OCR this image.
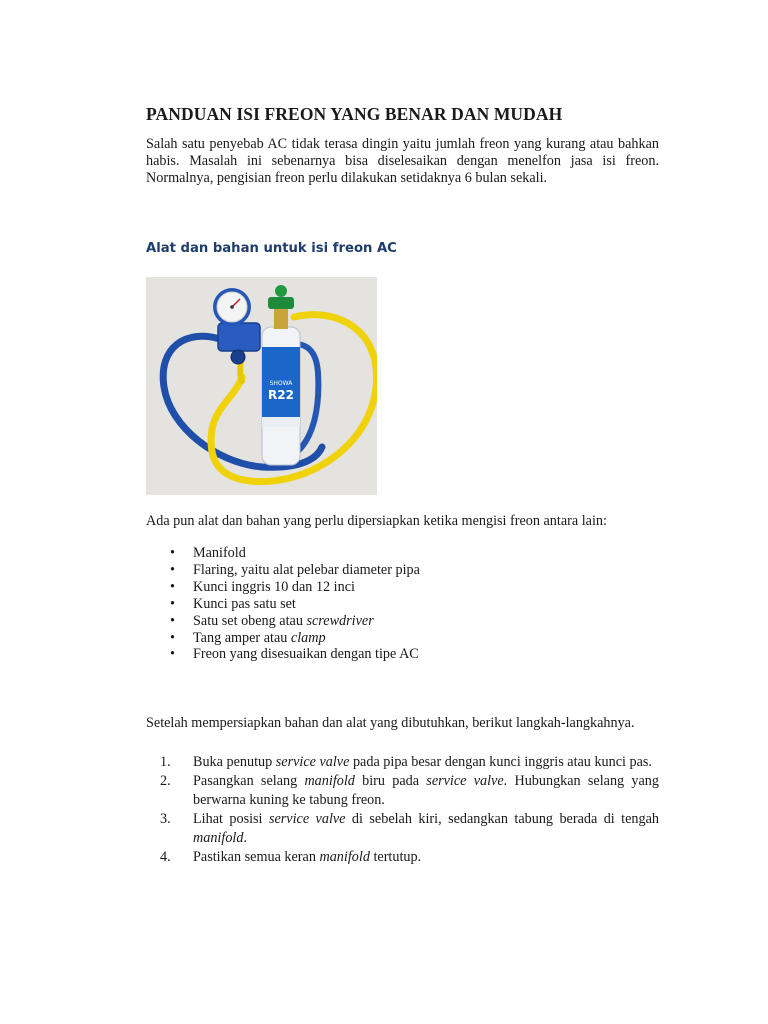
PANDUAN ISI FREON YANG BENAR DAN MUDAH

Salah satu penyebab AC tidak terasa dingin yaitu jumlah freon yang kurang atau bahkan habis. Masalah ini sebenarnya bisa diselesaikan dengan menelfon jasa isi freon. Normalnya, pengisian freon perlu dilakukan setidaknya 6 bulan sekali.

Alat dan bahan untuk isi freon AC
SHOWA
R22

Ada pun alat dan bahan yang perlu dipersiapkan ketika mengisi freon antara lain:

• Manifold
• Flaring, yaitu alat pelebar diameter pipa
• Kunci inggris 10 dan 12 inci
• Kunci pas satu set
• Satu set obeng atau screwdriver
• Tang amper atau clamp
• Freon yang disesuaikan dengan tipe AC

Setelah mempersiapkan bahan dan alat yang dibutuhkan, berikut langkah-langkahnya.

1. Buka penutup service valve pada pipa besar dengan kunci inggris atau kunci pas.
2. Pasangkan selang manifold biru pada service valve. Hubungkan selang yang berwarna kuning ke tabung freon.
3. Lihat posisi service valve di sebelah kiri, sedangkan tabung berada di tengah manifold.
4. Pastikan semua keran manifold tertutup.
